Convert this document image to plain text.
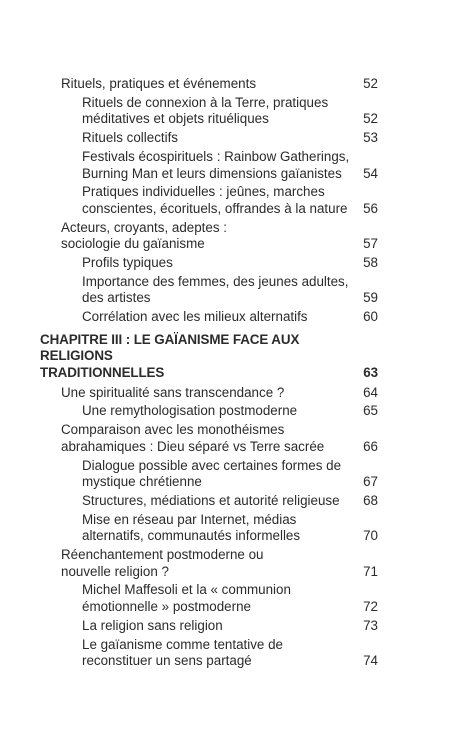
Rituels, pratiques et événements	52
Rituels de connexion à la Terre, pratiques
méditatives et objets rituéliques	52
Rituels collectifs	53
Festivals écospirituels : Rainbow Gatherings,
Burning Man et leurs dimensions gaïanistes	54
Pratiques individuelles : jeûnes, marches
conscientes, écorituels, offrandes à la nature	56
Acteurs, croyants, adeptes :
sociologie du gaïanisme	57
Profils typiques	58
Importance des femmes, des jeunes adultes,
des artistes	59
Corrélation avec les milieux alternatifs	60
CHAPITRE III : LE GAÏANISME FACE AUX RELIGIONS
TRADITIONNELLES	63
Une spiritualité sans transcendance ?	64
Une remythologisation postmoderne	65
Comparaison avec les monothéismes
abrahamiques : Dieu séparé vs Terre sacrée	66
Dialogue possible avec certaines formes de
mystique chrétienne	67
Structures, médiations et autorité religieuse	68
Mise en réseau par Internet, médias
alternatifs, communautés informelles	70
Réenchantement postmoderne ou
nouvelle religion ?	71
Michel Maffesoli et la « communion
émotionnelle » postmoderne	72
La religion sans religion	73
Le gaïanisme comme tentative de
reconstituer un sens partagé	74
